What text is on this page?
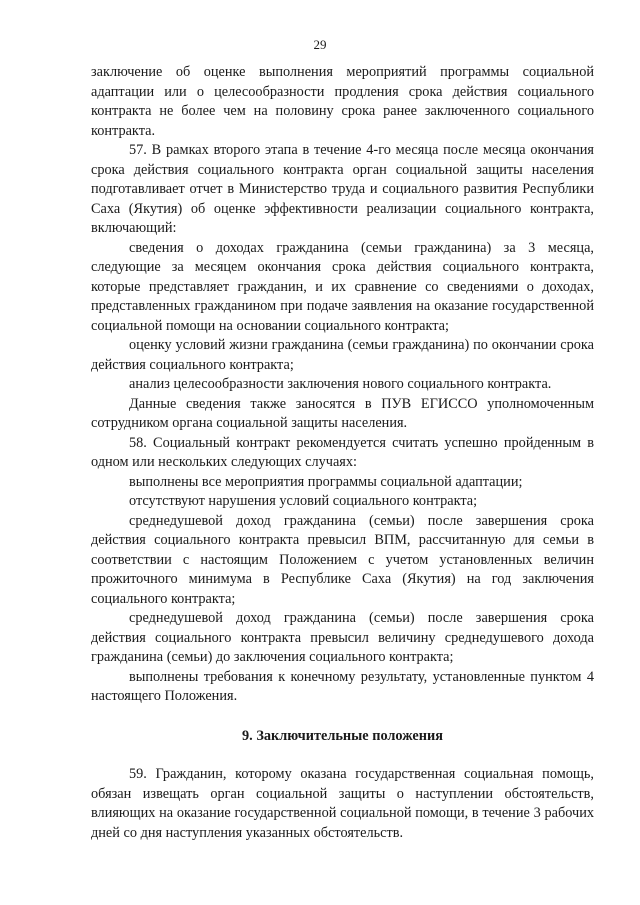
29

заключение об оценке выполнения мероприятий программы социальной адаптации или о целесообразности продления срока действия социального контракта не более чем на половину срока ранее заключенного социального контракта.

57. В рамках второго этапа в течение 4-го месяца после месяца окончания срока действия социального контракта орган социальной защиты населения подготавливает отчет в Министерство труда и социального развития Республики Саха (Якутия) об оценке эффективности реализации социального контракта, включающий:

сведения о доходах гражданина (семьи гражданина) за 3 месяца, следующие за месяцем окончания срока действия социального контракта, которые представляет гражданин, и их сравнение со сведениями о доходах, представленных гражданином при подаче заявления на оказание государственной социальной помощи на основании социального контракта;

оценку условий жизни гражданина (семьи гражданина) по окончании срока действия социального контракта;

анализ целесообразности заключения нового социального контракта.

Данные сведения также заносятся в ПУВ ЕГИССО уполномоченным сотрудником органа социальной защиты населения.

58. Социальный контракт рекомендуется считать успешно пройденным в одном или нескольких следующих случаях:

выполнены все мероприятия программы социальной адаптации;

отсутствуют нарушения условий социального контракта;

среднедушевой доход гражданина (семьи) после завершения срока действия социального контракта превысил ВПМ, рассчитанную для семьи в соответствии с настоящим Положением с учетом установленных величин прожиточного минимума в Республике Саха (Якутия) на год заключения социального контракта;

среднедушевой доход гражданина (семьи) после завершения срока действия социального контракта превысил величину среднедушевого дохода гражданина (семьи) до заключения социального контракта;

выполнены требования к конечному результату, установленные пунктом 4 настоящего Положения.

9. Заключительные положения

59. Гражданин, которому оказана государственная социальная помощь, обязан извещать орган социальной защиты о наступлении обстоятельств, влияющих на оказание государственной социальной помощи, в течение 3 рабочих дней со дня наступления указанных обстоятельств.
